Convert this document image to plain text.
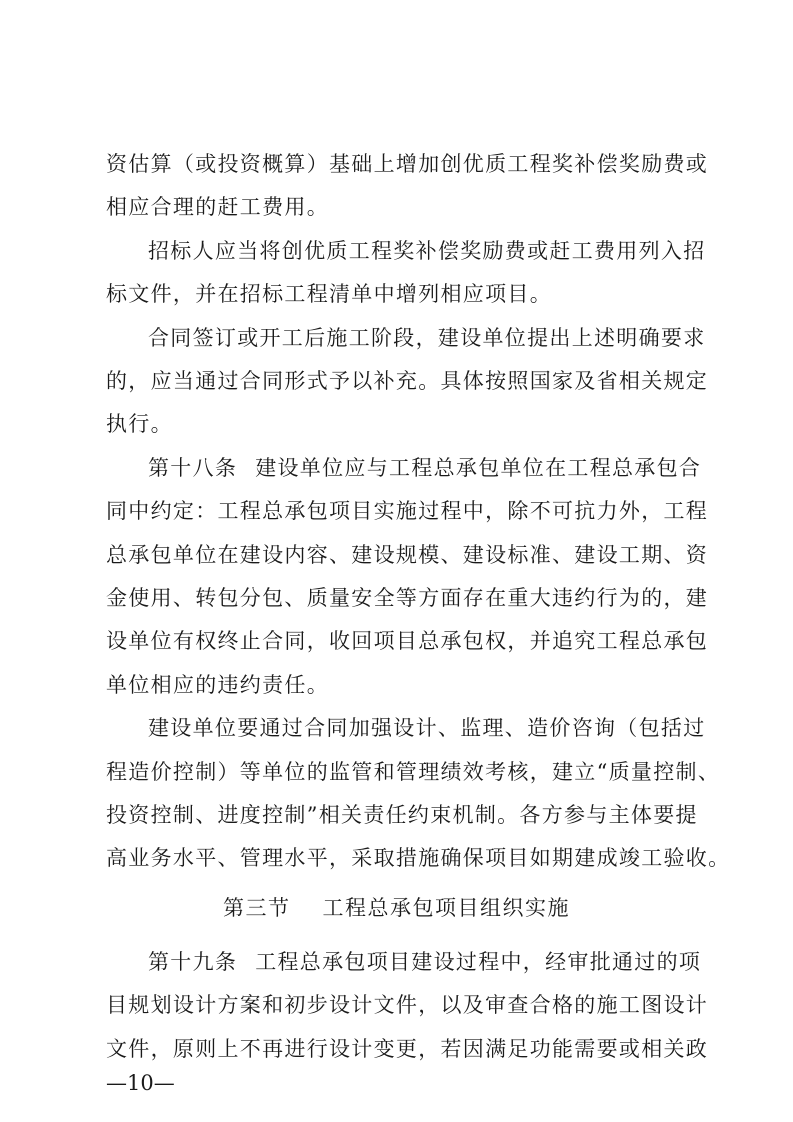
资估算（或投资概算）基础上增加创优质工程奖补偿奖励费或
相应合理的赶工费用。
招标人应当将创优质工程奖补偿奖励费或赶工费用列入招
标文件，并在招标工程清单中增列相应项目。
合同签订或开工后施工阶段，建设单位提出上述明确要求
的，应当通过合同形式予以补充。具体按照国家及省相关规定
执行。
第十八条 建设单位应与工程总承包单位在工程总承包合
同中约定：工程总承包项目实施过程中，除不可抗力外，工程
总承包单位在建设内容、建设规模、建设标准、建设工期、资
金使用、转包分包、质量安全等方面存在重大违约行为的，建
设单位有权终止合同，收回项目总承包权，并追究工程总承包
单位相应的违约责任。
建设单位要通过合同加强设计、监理、造价咨询（包括过
程造价控制）等单位的监管和管理绩效考核，建立“质量控制、
投资控制、进度控制”相关责任约束机制。各方参与主体要提
高业务水平、管理水平，采取措施确保项目如期建成竣工验收。
第三节 工程总承包项目组织实施
第十九条 工程总承包项目建设过程中，经审批通过的项
目规划设计方案和初步设计文件，以及审查合格的施工图设计
文件，原则上不再进行设计变更，若因满足功能需要或相关政
—10—
